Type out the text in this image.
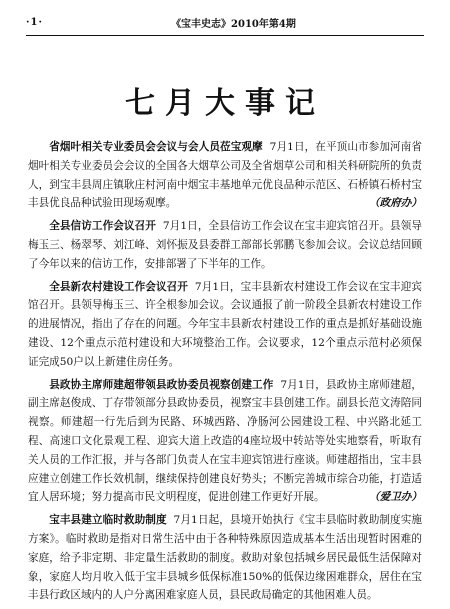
·1·	《宝丰史志》2010年第4期
七月大事记

省烟叶相关专业委员会会议与会人员莅宝观摩 7月1日，在平顶山市参加河南省烟叶相关专业委员会会议的全国各大烟草公司及全省烟草公司和相关科研院所的负责人，到宝丰县周庄镇耿庄村河南中烟宝丰基地单元优良品种示范区、石桥镇石桥村宝丰县优良品种试验田现场观摩。	（政府办）

全县信访工作会议召开 7月1日，全县信访工作会议在宝丰迎宾馆召开。县领导梅玉三、杨翠琴、刘江峰、刘怀振及县委群工部部长郭鹏飞参加会议。会议总结回顾了今年以来的信访工作，安排部署了下半年的工作。

全县新农村建设工作会议召开 7月1日，宝丰县新农村建设工作会议在宝丰迎宾馆召开。县领导梅玉三、许全根参加会议。会议通报了前一阶段全县新农村建设工作的进展情况，指出了存在的问题。今年宝丰县新农村建设工作的重点是抓好基础设施建设、12个重点示范村建设和大环境整治工作。会议要求，12个重点示范村必须保证完成50户以上新建住房任务。

县政协主席师建超带领县政协委员视察创建工作 7月1日，县政协主席师建超，副主席赵俊成、丁存带领部分县政协委员，视察宝丰县创建工作。副县长范文涛陪同视察。师建超一行先后到为民路、环城西路、净肠河公园建设工程、中兴路北延工程、高速口文化景观工程、迎宾大道上改造的4座垃圾中转站等处实地察看，听取有关人员的工作汇报，并与各部门负责人在宝丰迎宾馆进行座谈。师建超指出，宝丰县应建立创建工作长效机制，继续保持创建良好势头；不断完善城市综合功能，打造适宜人居环境；努力提高市民文明程度，促进创建工作更好开展。	（爱卫办）

宝丰县建立临时救助制度 7月1日起，县境开始执行《宝丰县临时救助制度实施方案》。临时救助是指对日常生活中由于各种特殊原因造成基本生活出现暂时困难的家庭，给予非定期、非定量生活救助的制度。救助对象包括城乡居民最低生活保障对象，家庭人均月收入低于宝丰县城乡低保标准150%的低保边缘困难群众，居住在宝丰县行政区域内的人户分离困难家庭人员，县民政局确定的其他困难人员。
